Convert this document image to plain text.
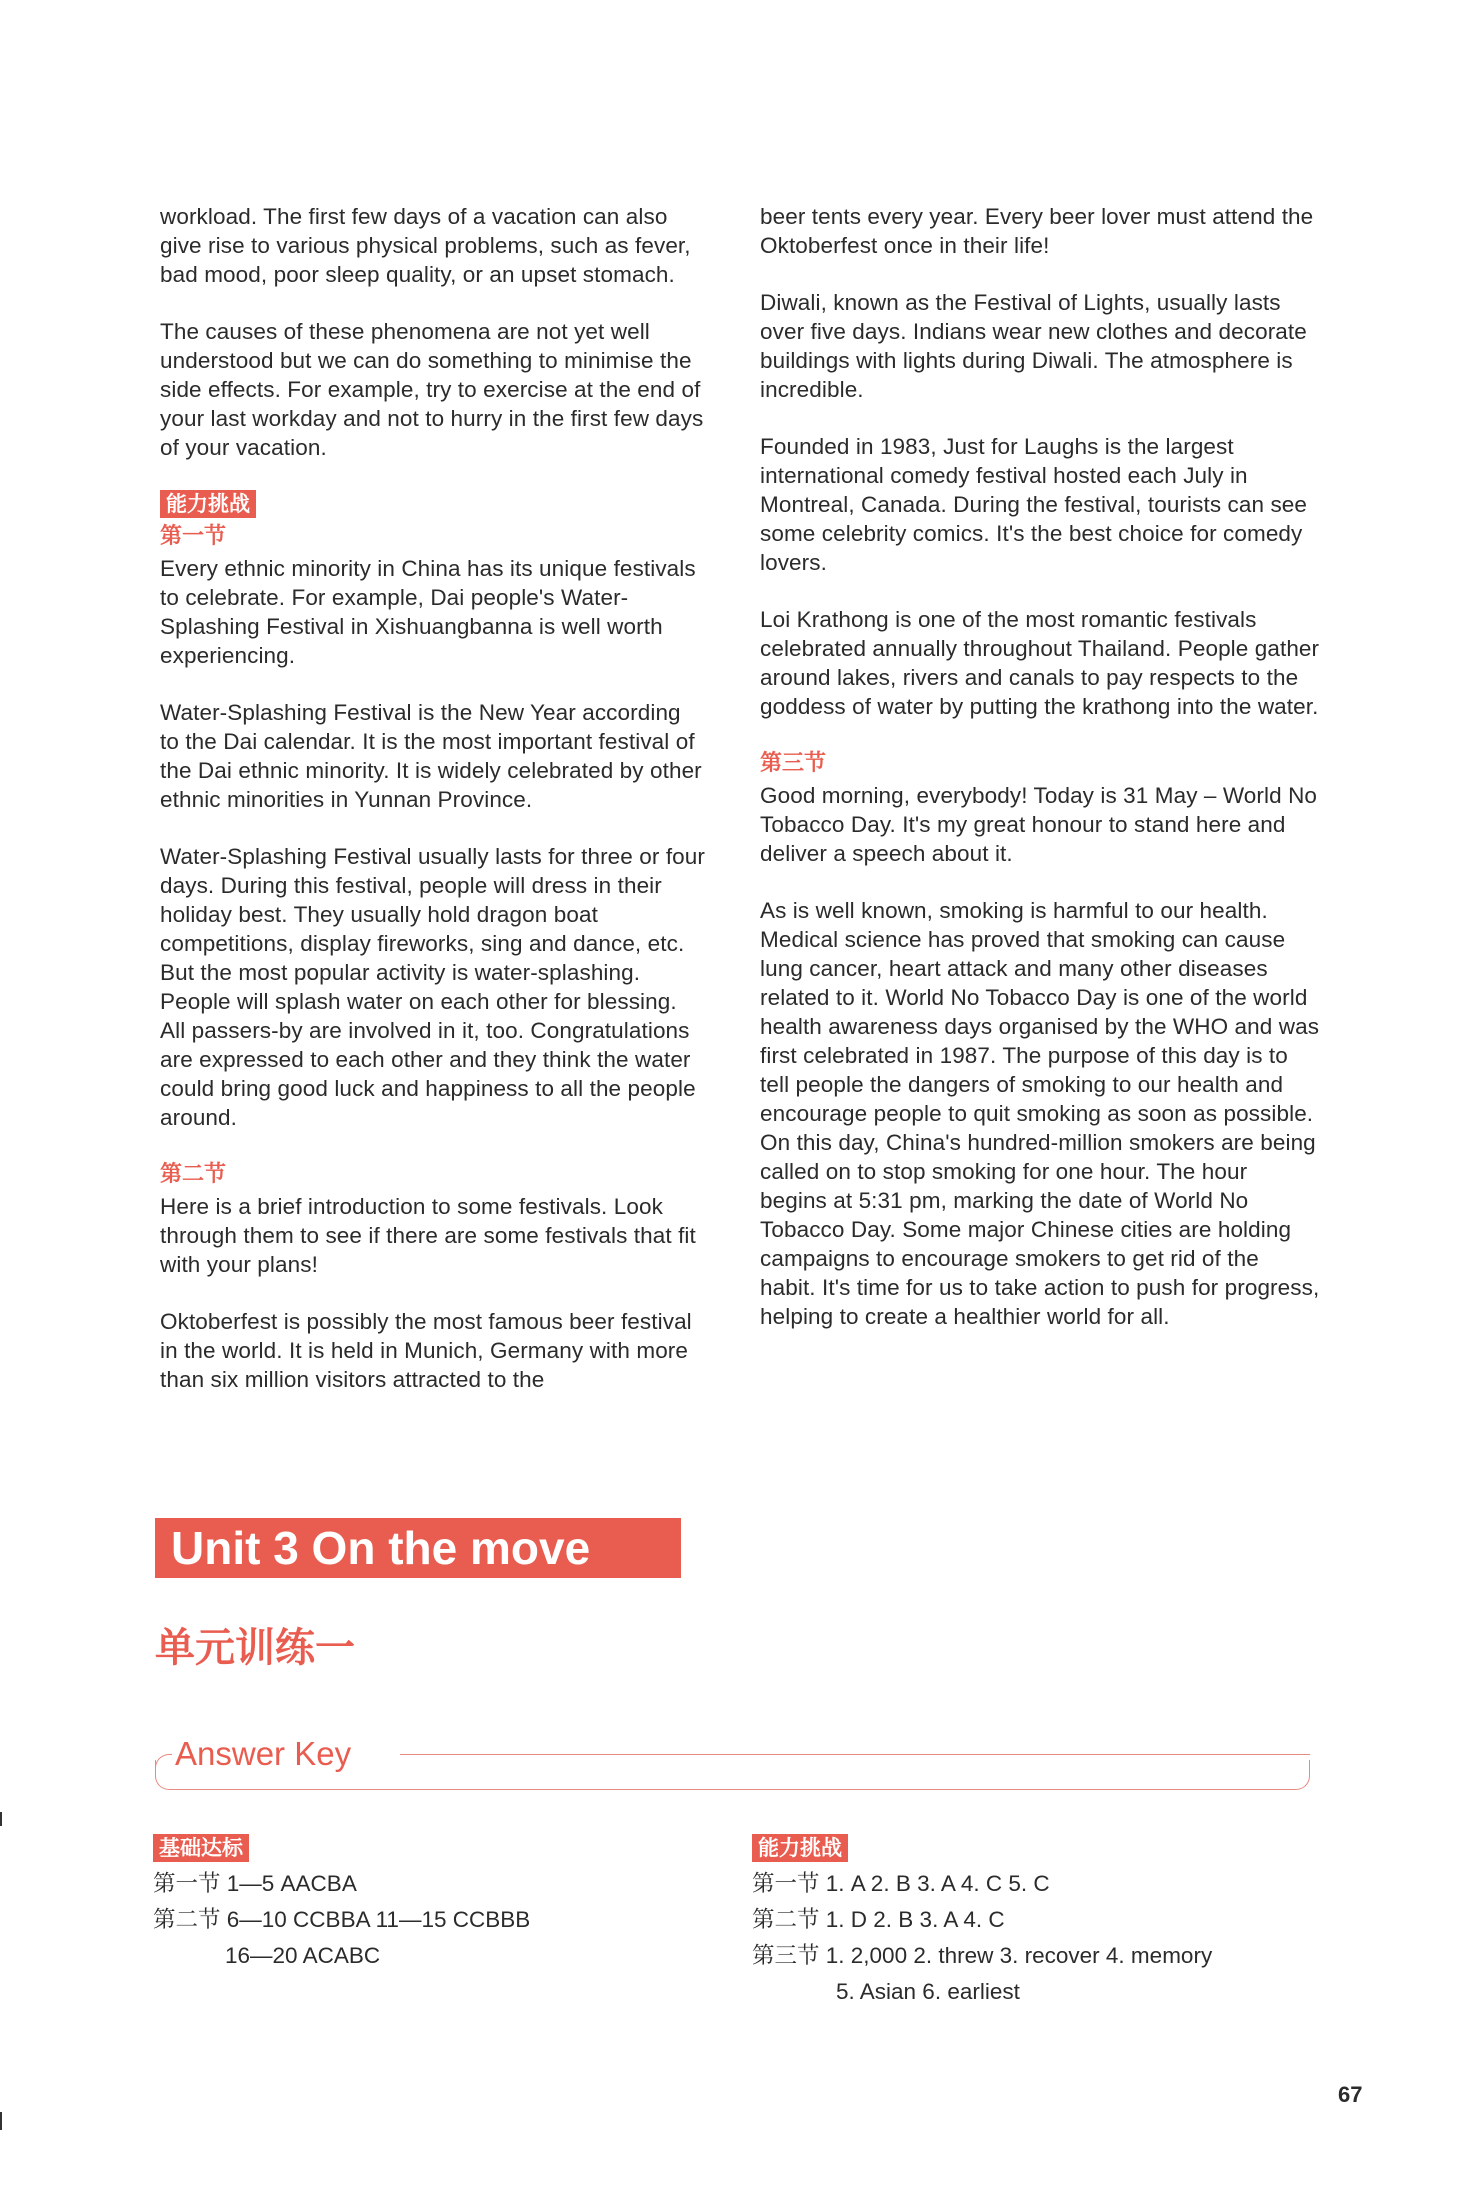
workload. The first few days of a vacation can also give rise to various physical problems, such as fever, bad mood, poor sleep quality, or an upset stomach.

The causes of these phenomena are not yet well understood but we can do something to minimise the side effects. For example, try to exercise at the end of your last workday and not to hurry in the first few days of your vacation.

能力挑战
第一节

Every ethnic minority in China has its unique festivals to celebrate. For example, Dai people's Water-Splashing Festival in Xishuangbanna is well worth experiencing.

Water-Splashing Festival is the New Year according to the Dai calendar. It is the most important festival of the Dai ethnic minority. It is widely celebrated by other ethnic minorities in Yunnan Province.

Water-Splashing Festival usually lasts for three or four days. During this festival, people will dress in their holiday best. They usually hold dragon boat competitions, display fireworks, sing and dance, etc. But the most popular activity is water-splashing. People will splash water on each other for blessing. All passers-by are involved in it, too. Congratulations are expressed to each other and they think the water could bring good luck and happiness to all the people around.

第二节

Here is a brief introduction to some festivals. Look through them to see if there are some festivals that fit with your plans!

Oktoberfest is possibly the most famous beer festival in the world. It is held in Munich, Germany with more than six million visitors attracted to the

beer tents every year. Every beer lover must attend the Oktoberfest once in their life!

Diwali, known as the Festival of Lights, usually lasts over five days. Indians wear new clothes and decorate buildings with lights during Diwali. The atmosphere is incredible.

Founded in 1983, Just for Laughs is the largest international comedy festival hosted each July in Montreal, Canada. During the festival, tourists can see some celebrity comics. It's the best choice for comedy lovers.

Loi Krathong is one of the most romantic festivals celebrated annually throughout Thailand. People gather around lakes, rivers and canals to pay respects to the goddess of water by putting the krathong into the water.

第三节

Good morning, everybody! Today is 31 May – World No Tobacco Day. It's my great honour to stand here and deliver a speech about it.

As is well known, smoking is harmful to our health. Medical science has proved that smoking can cause lung cancer, heart attack and many other diseases related to it. World No Tobacco Day is one of the world health awareness days organised by the WHO and was first celebrated in 1987. The purpose of this day is to tell people the dangers of smoking to our health and encourage people to quit smoking as soon as possible. On this day, China's hundred-million smokers are being called on to stop smoking for one hour. The hour begins at 5:31 pm, marking the date of World No Tobacco Day. Some major Chinese cities are holding campaigns to encourage smokers to get rid of the habit. It's time for us to take action to push for progress, helping to create a healthier world for all.

Unit 3 On the move
单元训练一
Answer Key
基础达标
第一节 1—5 AACBA
第二节 6—10 CCBBA 11—15 CCBBB
16—20 ACABC
能力挑战
第一节 1. A 2. B 3. A 4. C 5. C
第二节 1. D 2. B 3. A 4. C
第三节 1. 2,000 2. threw 3. recover 4. memory
5. Asian 6. earliest
67
